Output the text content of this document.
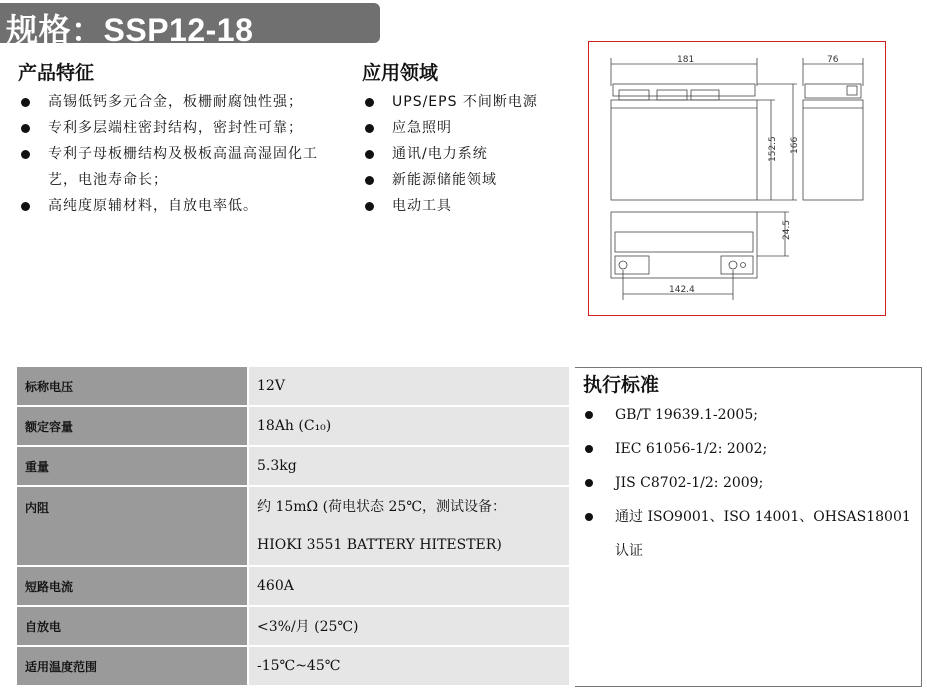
规格：SSP12-18
产品特征
高锡低钙多元合金，板栅耐腐蚀性强；
专利多层端柱密封结构，密封性可靠；
专利子母板栅结构及极板高温高湿固化工艺，电池寿命长；
高纯度原辅材料，自放电率低。
应用领域
UPS/EPS 不间断电源
应急照明
通讯/电力系统
新能源储能领域
电动工具
181
152.5 166
76
24.5
142.4
标称电压	12V
额定容量	18Ah (C₁₀)
重量	5.3kg
内阻	约 15mΩ (荷电状态 25℃，测试设备：
HIOKI 3551 BATTERY HITESTER)

短路电流	460A
自放电	<3%/月 (25℃)
适用温度范围	-15℃~45℃
执行标准
GB/T 19639.1-2005;
IEC 61056-1/2: 2002;
JIS C8702-1/2: 2009;
通过 ISO9001、ISO 14001、OHSAS18001 认证
